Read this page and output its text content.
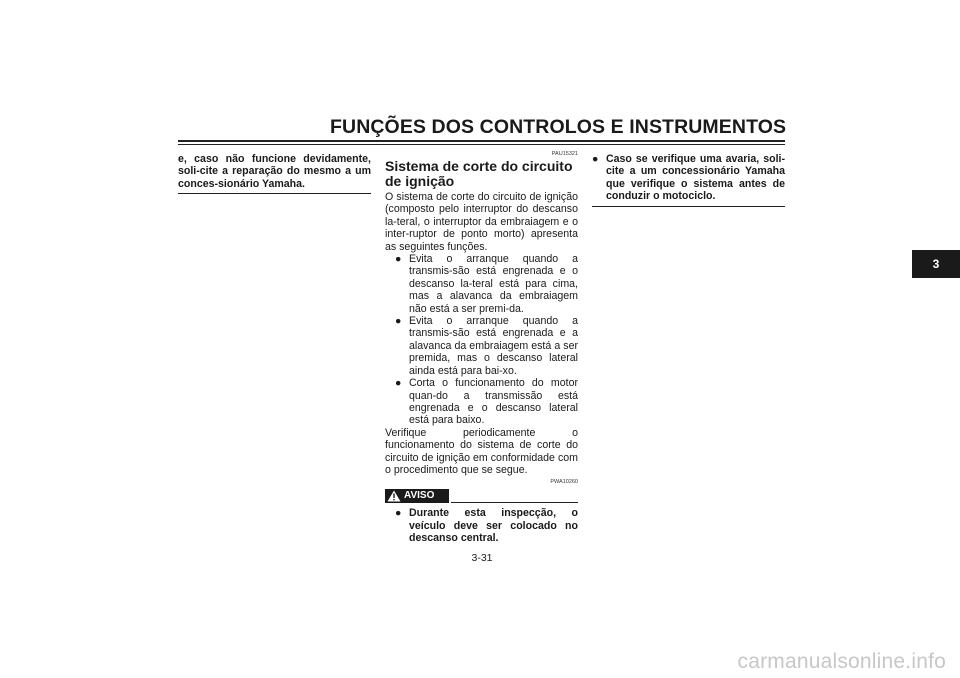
FUNÇÕES DOS CONTROLOS E INSTRUMENTOS
e, caso não funcione devidamente, soli-cite a reparação do mesmo a um conces-sionário Yamaha.
PAU15321
Sistema de corte do circuito de ignição
O sistema de corte do circuito de ignição (composto pelo interruptor do descanso la-teral, o interruptor da embraiagem e o inter-ruptor de ponto morto) apresenta as seguintes funções.
● Evita o arranque quando a transmis-são está engrenada e o descanso la-teral está para cima, mas a alavanca da embraiagem não está a ser premi-da.
● Evita o arranque quando a transmis-são está engrenada e a alavanca da embraiagem está a ser premida, mas o descanso lateral ainda está para bai-xo.
● Corta o funcionamento do motor quan-do a transmissão está engrenada e o descanso lateral está para baixo.
Verifique periodicamente o funcionamento do sistema de corte do circuito de ignição em conformidade com o procedimento que se segue.
PWA10260
AVISO
● Durante esta inspecção, o veículo deve ser colocado no descanso central.
● Caso se verifique uma avaria, soli-cite a um concessionário Yamaha que verifique o sistema antes de conduzir o motociclo.
3
3-31
carmanualsonline.info
